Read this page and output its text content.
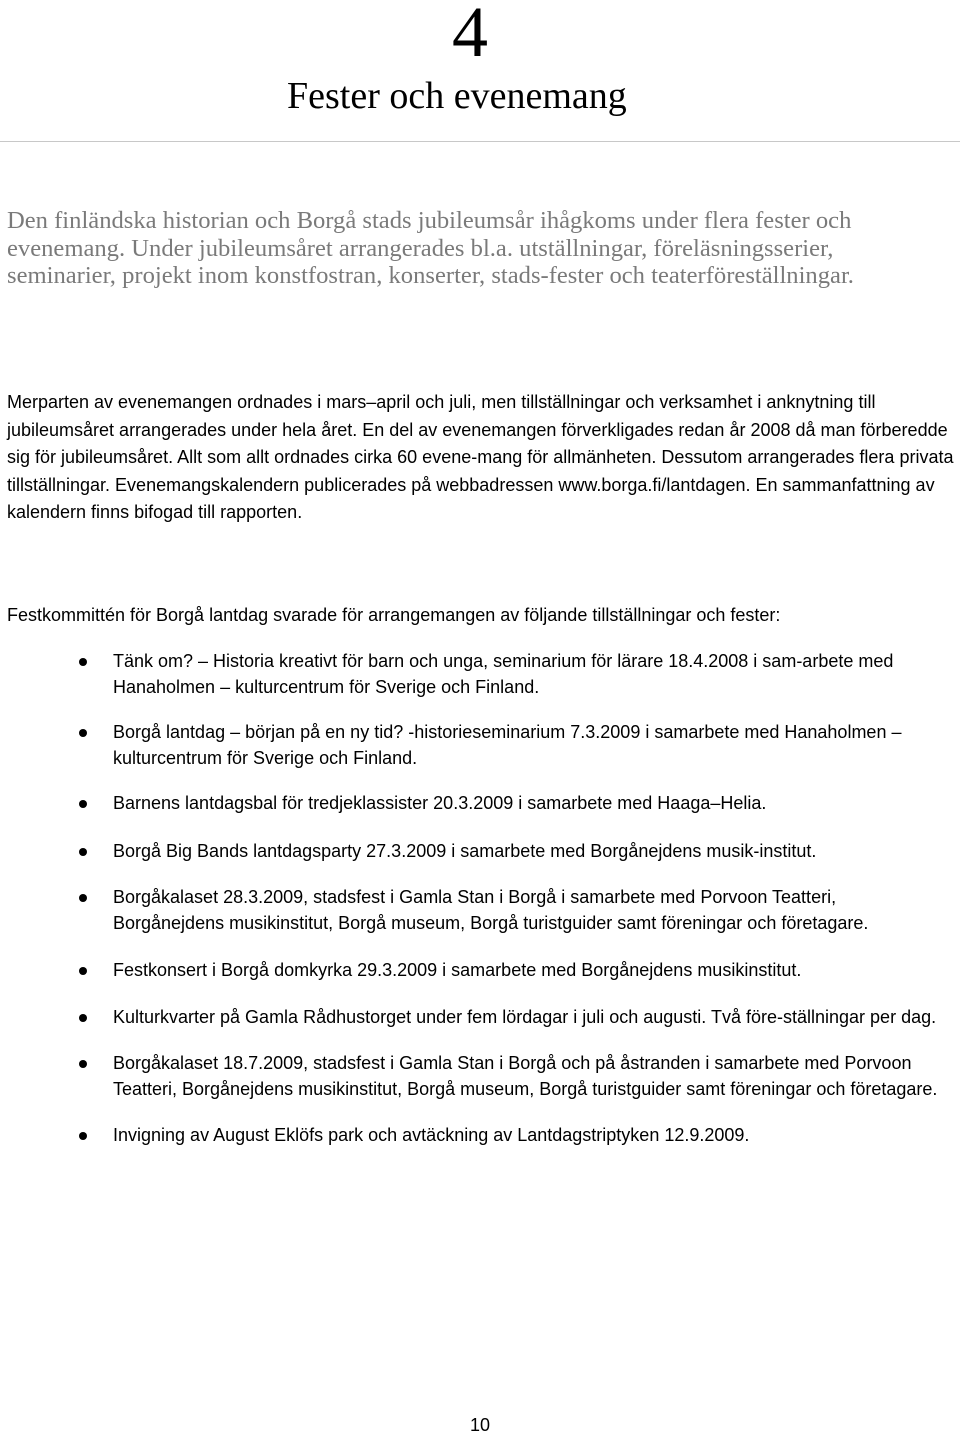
4
Fester och evenemang

Den finländska historian och Borgå stads jubileumsår ihågkoms under flera fester och evenemang. Under jubileumsåret arrangerades bl.a. utställningar, föreläsningsserier, seminarier, projekt inom konstfostran, konserter, stads-fester och teaterföreställningar.

Merparten av evenemangen ordnades i mars–april och juli, men tillställningar och verksamhet i anknytning till jubileumsåret arrangerades under hela året. En del av evenemangen förverkligades redan år 2008 då man förberedde sig för jubileumsåret. Allt som allt ordnades cirka 60 evene-mang för allmänheten. Dessutom arrangerades flera privata tillställningar. Evenemangskalendern publicerades på webbadressen www.borga.fi/lantdagen. En sammanfattning av kalendern finns bifogad till rapporten.

Festkommittén för Borgå lantdag svarade för arrangemangen av följande tillställningar och fester:

Tänk om? – Historia kreativt för barn och unga, seminarium för lärare 18.4.2008 i sam-arbete med Hanaholmen – kulturcentrum för Sverige och Finland.
Borgå lantdag – början på en ny tid? -historieseminarium 7.3.2009 i samarbete med Hanaholmen – kulturcentrum för Sverige och Finland.
Barnens lantdagsbal för tredjeklassister 20.3.2009 i samarbete med Haaga–Helia.
Borgå Big Bands lantdagsparty 27.3.2009 i samarbete med Borgånejdens musik-institut.
Borgåkalaset 28.3.2009, stadsfest i Gamla Stan i Borgå i samarbete med Porvoon Teatteri, Borgånejdens musikinstitut, Borgå museum, Borgå turistguider samt föreningar och företagare.
Festkonsert i Borgå domkyrka 29.3.2009 i samarbete med Borgånejdens musikinstitut.
Kulturkvarter på Gamla Rådhustorget under fem lördagar i juli och augusti. Två före-ställningar per dag.
Borgåkalaset 18.7.2009, stadsfest i Gamla Stan i Borgå och på åstranden i samarbete med Porvoon Teatteri, Borgånejdens musikinstitut, Borgå museum, Borgå turistguider samt föreningar och företagare.
Invigning av August Eklöfs park och avtäckning av Lantdagstriptyken 12.9.2009.
10
